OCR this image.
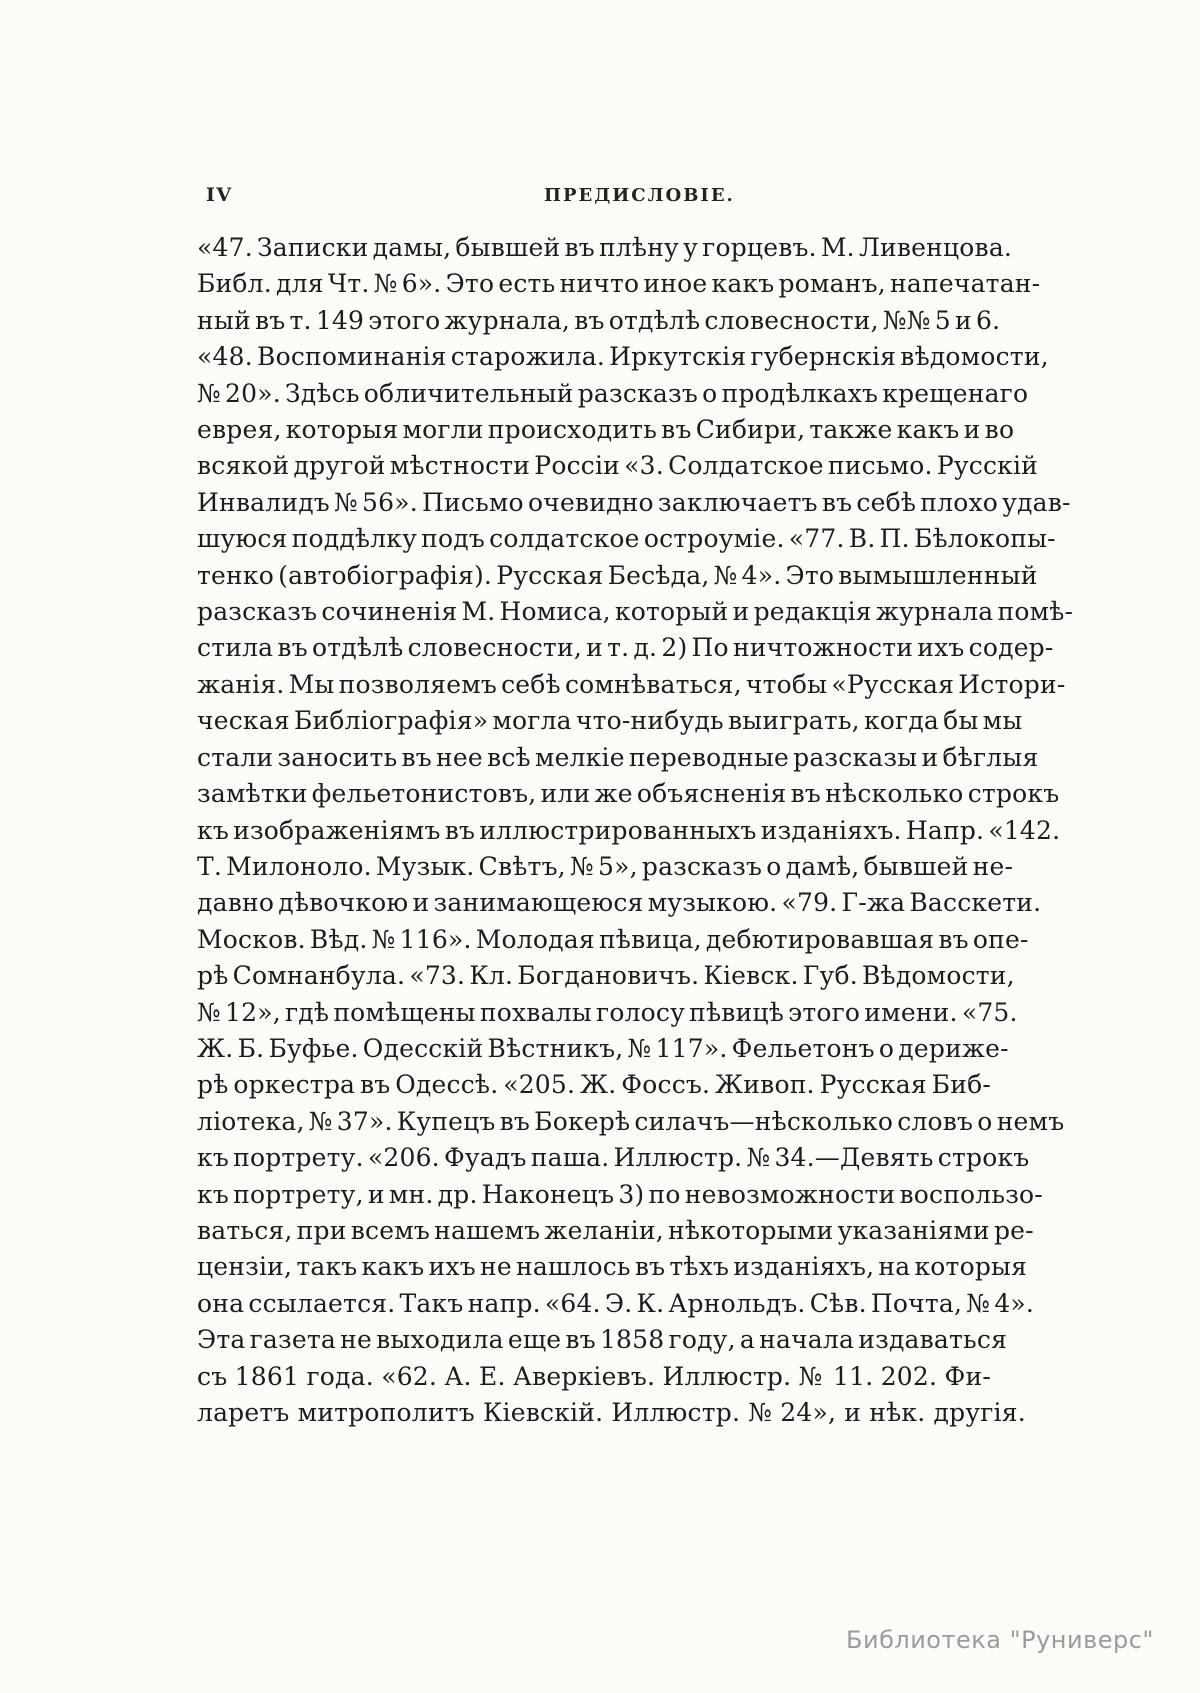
IV	ПРЕДИСЛОВІЕ.
«47. Записки дамы, бывшей въ плѣну у горцевъ. М. Ливенцова.
Библ. для Чт. № 6». Это есть ничто иное какъ романъ, напечатан-
ный въ т. 149 этого журнала, въ отдѣлѣ словесности, №№ 5 и 6.
«48. Воспоминанія старожила. Иркутскія губернскія вѣдомости,
№ 20». Здѣсь обличительный разсказъ о продѣлкахъ крещенаго
еврея, которыя могли происходить въ Сибири, также какъ и во
всякой другой мѣстности Россіи «3. Солдатское письмо. Русскій
Инвалидъ № 56». Письмо очевидно заключаетъ въ себѣ плохо удав-
шуюся поддѣлку подъ солдатское остроуміе. «77. В. П. Бѣлокопы-
тенко (автобіографія). Русская Бесѣда, № 4». Это вымышленный
разсказъ сочиненія М. Номиса, который и редакція журнала помѣ-
стила въ отдѣлѣ словесности, и т. д. 2) По ничтожности ихъ содер-
жанія. Мы позволяемъ себѣ сомнѣваться, чтобы «Русская Истори-
ческая Библіографія» могла что-нибудь выиграть, когда бы мы
стали заносить въ нее всѣ мелкіе переводные разсказы и бѣглыя
замѣтки фельетонистовъ, или же объясненія въ нѣсколько строкъ
къ изображеніямъ въ иллюстрированныхъ изданіяхъ. Напр. «142.
Т. Милоноло. Музык. Свѣтъ, № 5», разсказъ о дамѣ, бывшей не-
давно дѣвочкою и занимающеюся музыкою. «79. Г-жа Васскети.
Москов. Вѣд. № 116». Молодая пѣвица, дебютировавшая въ опе-
рѣ Сомнанбула. «73. Кл. Богдановичъ. Кіевск. Губ. Вѣдомости,
№ 12», гдѣ помѣщены похвалы голосу пѣвицѣ этого имени. «75.
Ж. Б. Буфье. Одесскій Вѣстникъ, № 117». Фельетонъ о дериже-
рѣ оркестра въ Одессѣ. «205. Ж. Фоссъ. Живоп. Русская Биб-
ліотека, № 37». Купецъ въ Бокерѣ силачъ—нѣсколько словъ о немъ
къ портрету. «206. Фуадъ паша. Иллюстр. № 34.—Девять строкъ
къ портрету, и мн. др. Наконецъ 3) по невозможности воспользо-
ваться, при всемъ нашемъ желаніи, нѣкоторыми указаніями ре-
цензіи, такъ какъ ихъ не нашлось въ тѣхъ изданіяхъ, на которыя
она ссылается. Такъ напр. «64. Э. К. Арнольдъ. Сѣв. Почта, № 4».
Эта газета не выходила еще въ 1858 году, а начала издаваться
съ 1861 года. «62. А. Е. Аверкіевъ. Иллюстр. № 11. 202. Фи-
ларетъ митрополитъ Кіевскій. Иллюстр. № 24», и нѣк. другія.
Библиотека "Руниверс"
